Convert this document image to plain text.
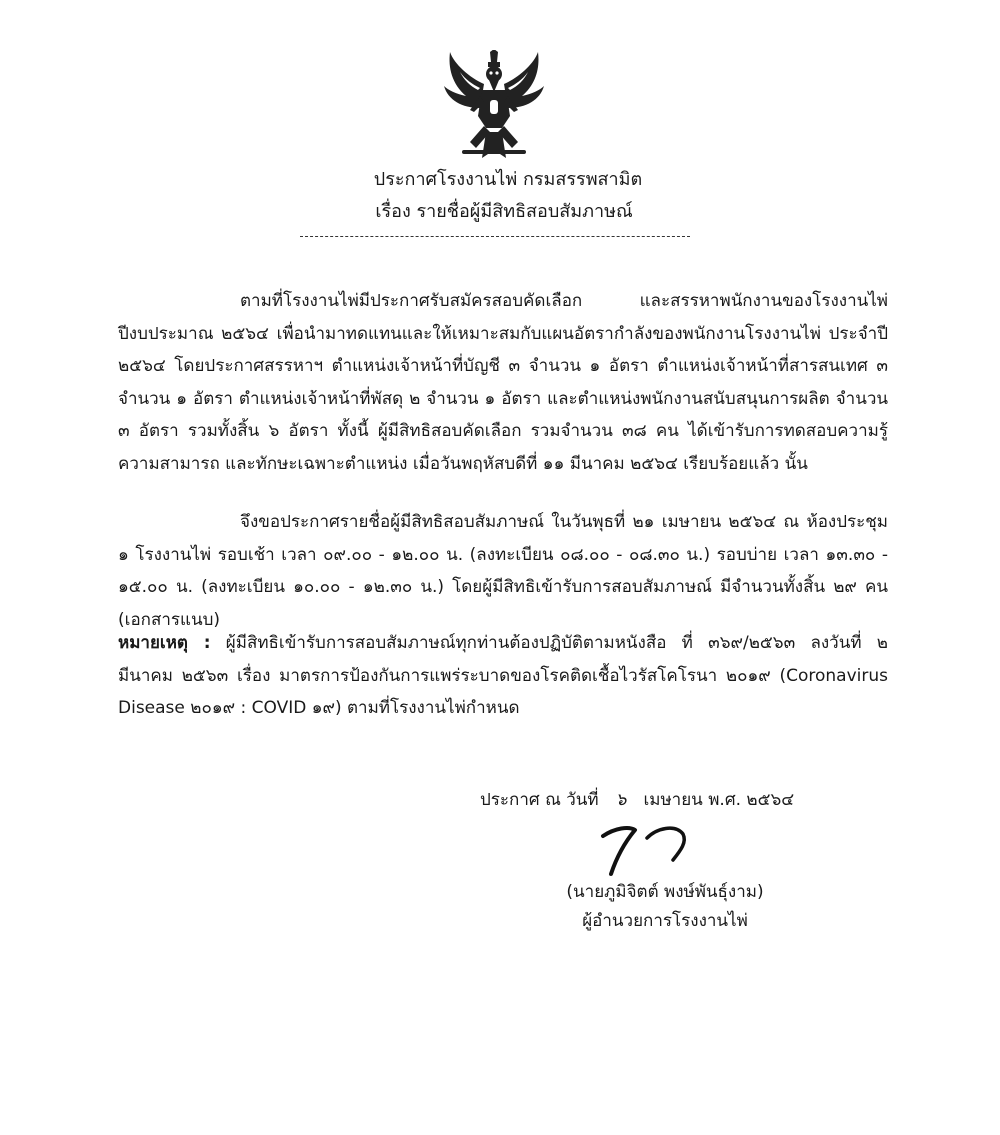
ประกาศโรงงานไพ่ กรมสรรพสามิต
เรื่อง รายชื่อผู้มีสิทธิสอบสัมภาษณ์
ตามที่โรงงานไพ่มีประกาศรับสมัครสอบคัดเลือก และสรรหาพนักงานของโรงงานไพ่ ปีงบประมาณ ๒๕๖๔ เพื่อนำมาทดแทนและให้เหมาะสมกับแผนอัตรากำลังของพนักงานโรงงานไพ่ ประจำปี ๒๕๖๔ โดยประกาศสรรหาฯ ตำแหน่งเจ้าหน้าที่บัญชี ๓ จำนวน ๑ อัตรา ตำแหน่งเจ้าหน้าที่สารสนเทศ ๓ จำนวน ๑ อัตรา ตำแหน่งเจ้าหน้าที่พัสดุ ๒ จำนวน ๑ อัตรา และตำแหน่งพนักงานสนับสนุนการผลิต จำนวน ๓ อัตรา รวมทั้งสิ้น ๖ อัตรา ทั้งนี้ ผู้มีสิทธิสอบคัดเลือก รวมจำนวน ๓๘ คน ได้เข้ารับการทดสอบความรู้ ความสามารถ และทักษะเฉพาะตำแหน่ง เมื่อวันพฤหัสบดีที่ ๑๑ มีนาคม ๒๕๖๔ เรียบร้อยแล้ว นั้น
จึงขอประกาศรายชื่อผู้มีสิทธิสอบสัมภาษณ์ ในวันพุธที่ ๒๑ เมษายน ๒๕๖๔ ณ ห้องประชุม ๑ โรงงานไพ่ รอบเช้า เวลา ๐๙.๐๐ - ๑๒.๐๐ น. (ลงทะเบียน ๐๘.๐๐ - ๐๘.๓๐ น.) รอบบ่าย เวลา ๑๓.๓๐ - ๑๕.๐๐ น. (ลงทะเบียน ๑๐.๐๐ - ๑๒.๓๐ น.) โดยผู้มีสิทธิเข้ารับการสอบสัมภาษณ์ มีจำนวนทั้งสิ้น ๒๙ คน (เอกสารแนบ)
หมายเหตุ : ผู้มีสิทธิเข้ารับการสอบสัมภาษณ์ทุกท่านต้องปฏิบัติตามหนังสือ ที่ ๓๖๙/๒๕๖๓ ลงวันที่ ๒ มีนาคม ๒๕๖๓ เรื่อง มาตรการป้องกันการแพร่ระบาดของโรคติดเชื้อไวรัสโคโรนา ๒๐๑๙ (Coronavirus Disease ๒๐๑๙ : COVID ๑๙) ตามที่โรงงานไพ่กำหนด
ประกาศ ณ วันที่ ๖ เมษายน พ.ศ. ๒๕๖๔
(นายภูมิจิตต์ พงษ์พันธุ์งาม)
ผู้อำนวยการโรงงานไพ่
